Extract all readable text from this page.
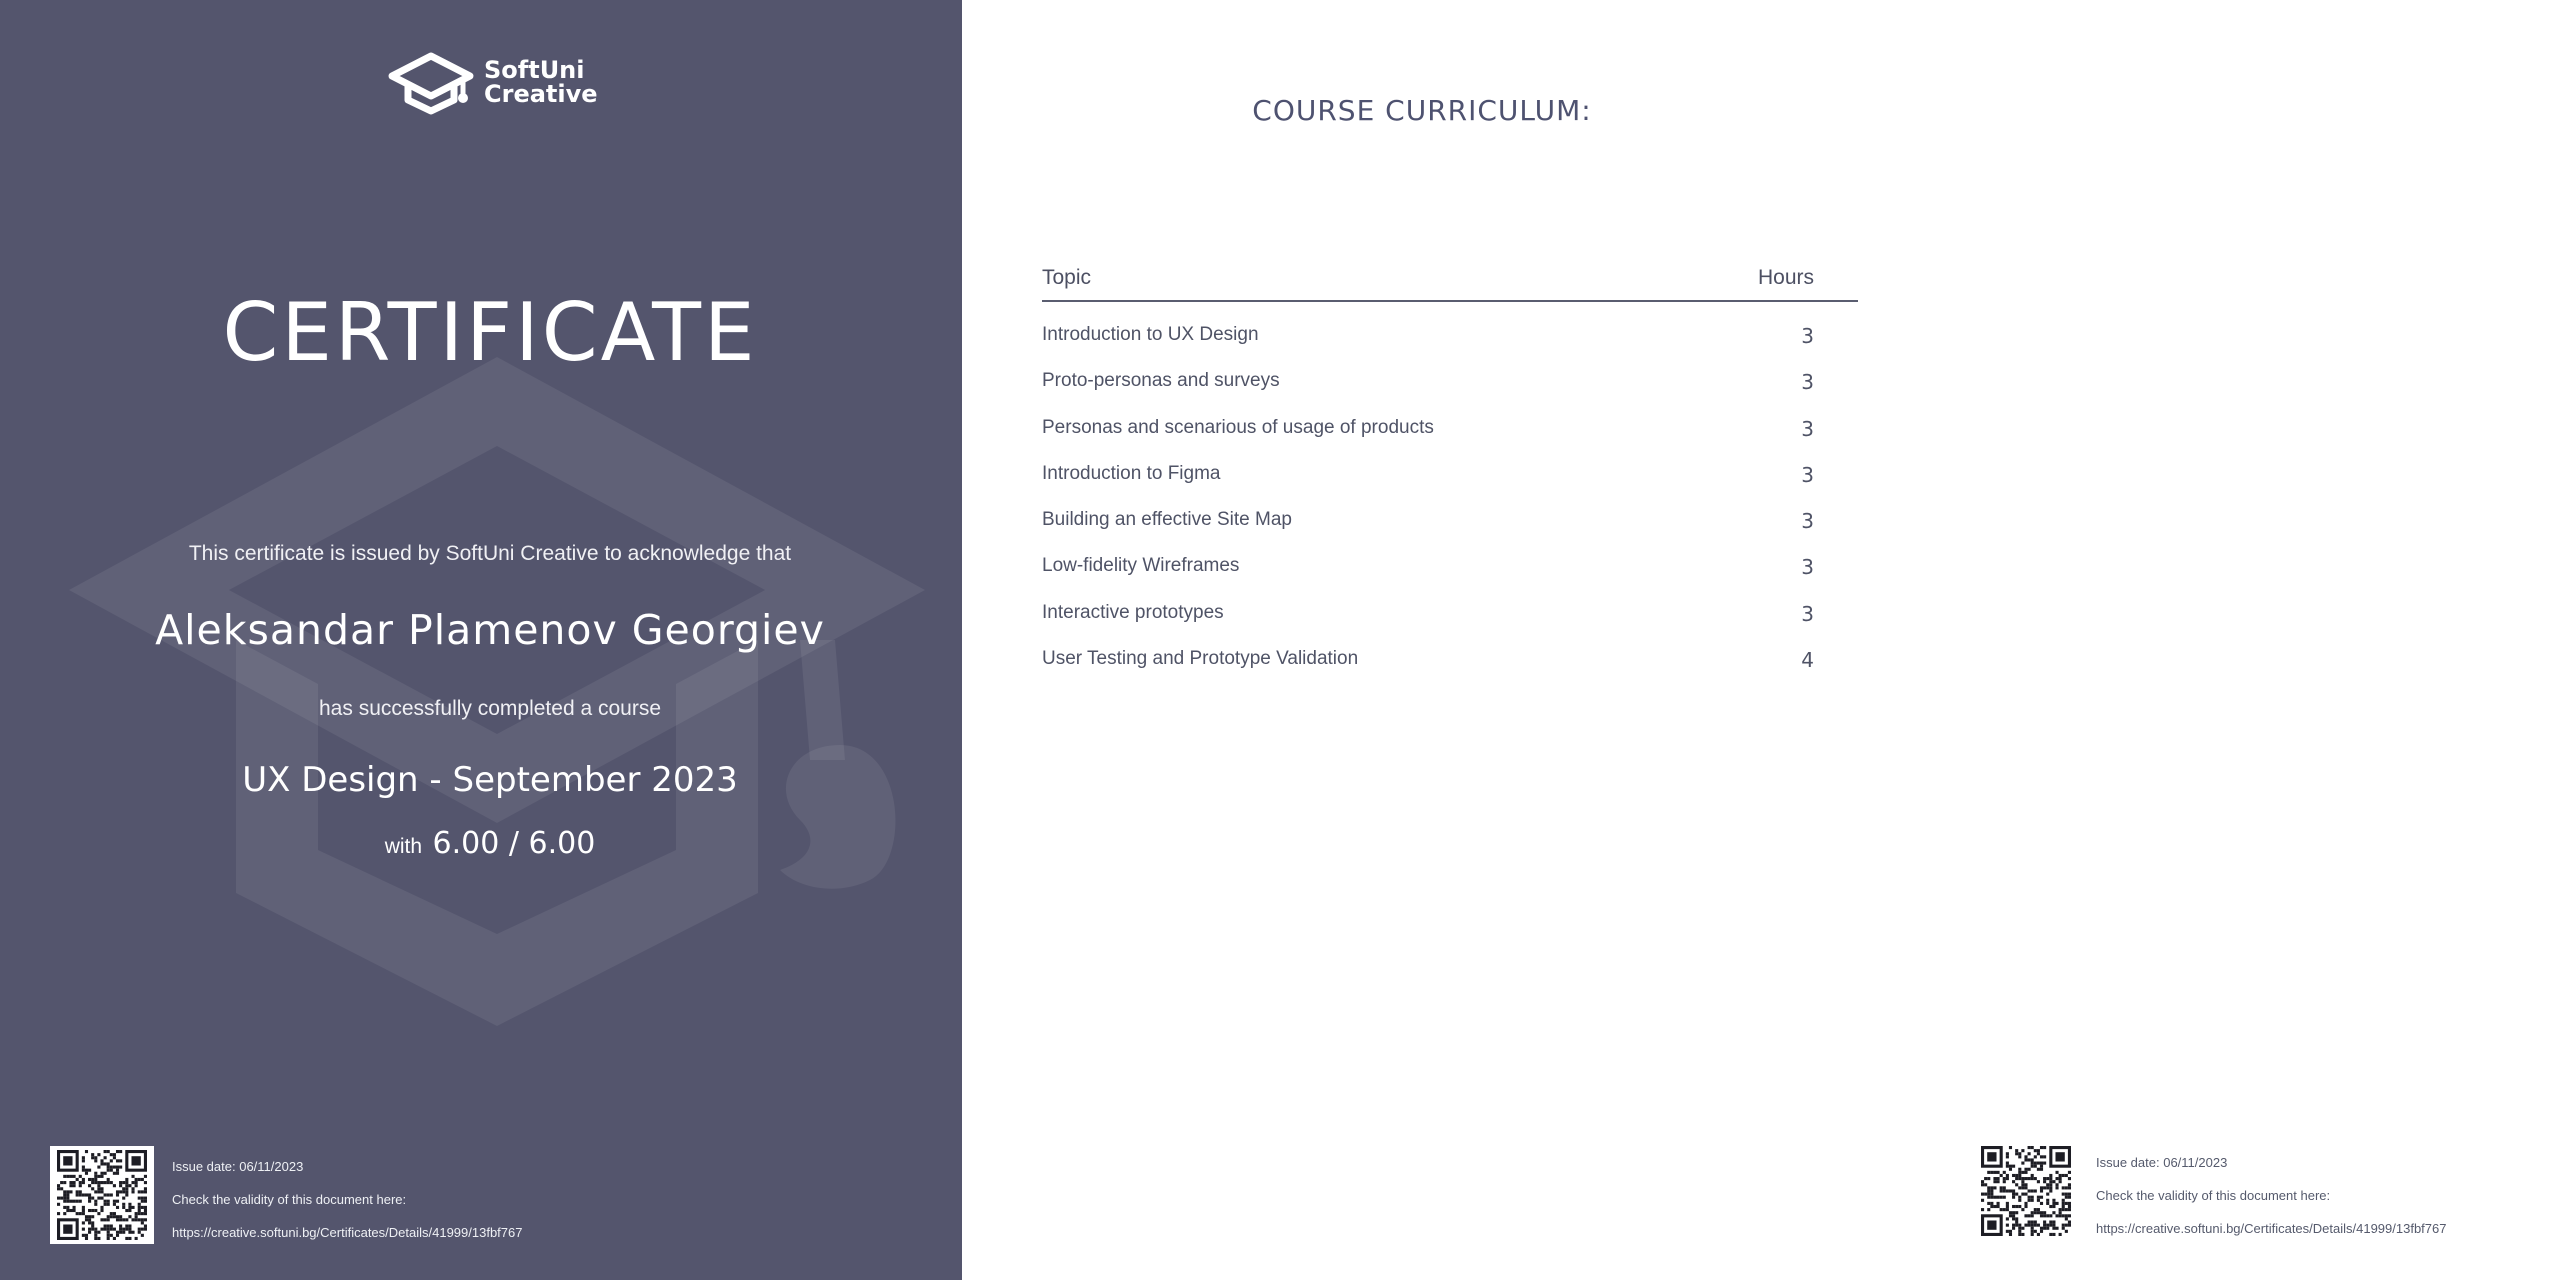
SoftUni
Creative
CERTIFICATE
This certificate is issued by SoftUni Creative to acknowledge that
Aleksandar Plamenov Georgiev
has successfully completed a course
UX Design - September 2023
with 6.00 / 6.00
Issue date: 06/11/2023
Check the validity of this document here:
https://creative.softuni.bg/Certificates/Details/41999/13fbf767
COURSE CURRICULUM:
Topic	Hours
Introduction to UX Design	3
Proto-personas and surveys	3
Personas and scenarious of usage of products	3
Introduction to Figma	3
Building an effective Site Map	3
Low-fidelity Wireframes	3
Interactive prototypes	3
User Testing and Prototype Validation	4
Issue date: 06/11/2023
Check the validity of this document here:
https://creative.softuni.bg/Certificates/Details/41999/13fbf767
